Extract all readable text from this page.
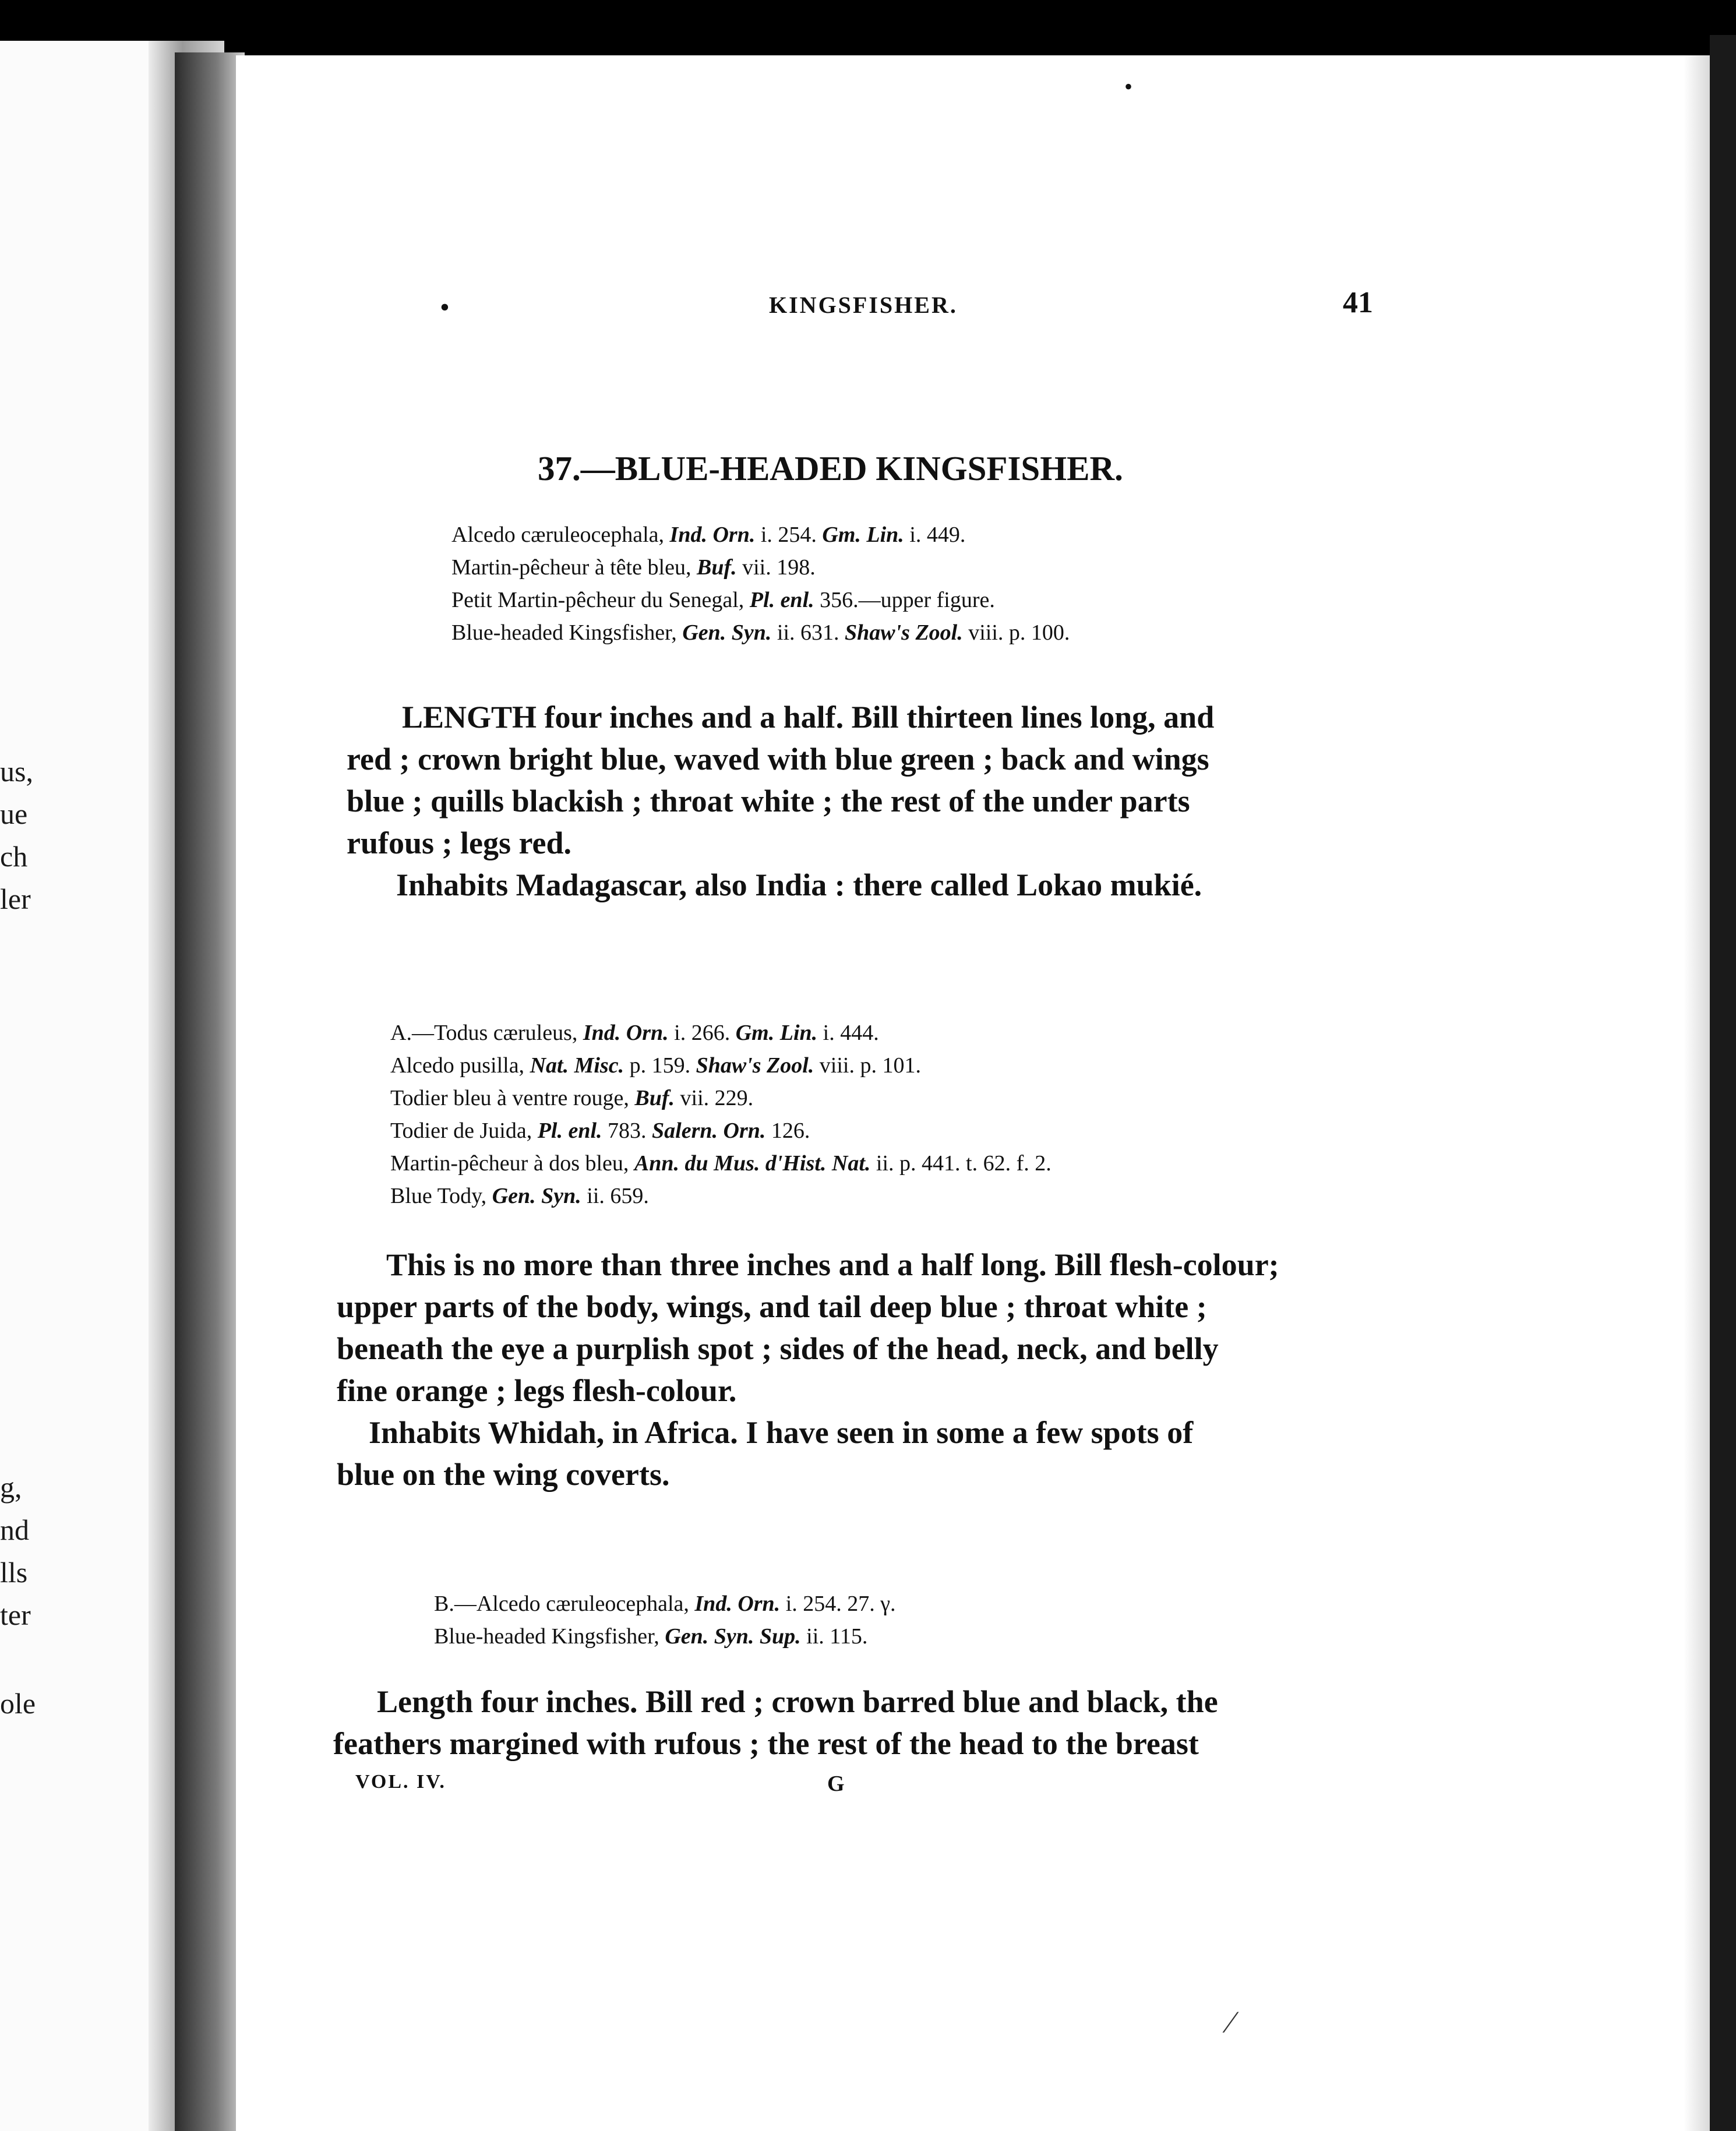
us,
ue
ch
ler
g,
nd
lls
ter
ole
•
•	KINGSFISHER.	41
37.—BLUE-HEADED KINGSFISHER.
Alcedo cæruleocephala, Ind. Orn. i. 254. Gm. Lin. i. 449.
Martin-pêcheur à tête bleu, Buf. vii. 198.
Petit Martin-pêcheur du Senegal, Pl. enl. 356.—upper figure.
Blue-headed Kingsfisher, Gen. Syn. ii. 631. Shaw's Zool. viii. p. 100.
LENGTH four inches and a half. Bill thirteen lines long, and
red ; crown bright blue, waved with blue green ; back and wings
blue ; quills blackish ; throat white ; the rest of the under parts
rufous ; legs red.
Inhabits Madagascar, also India : there called Lokao mukié.
A.—Todus cæruleus, Ind. Orn. i. 266. Gm. Lin. i. 444.
Alcedo pusilla, Nat. Misc. p. 159. Shaw's Zool. viii. p. 101.
Todier bleu à ventre rouge, Buf. vii. 229.
Todier de Juida, Pl. enl. 783. Salern. Orn. 126.
Martin-pêcheur à dos bleu, Ann. du Mus. d'Hist. Nat. ii. p. 441. t. 62. f. 2.
Blue Tody, Gen. Syn. ii. 659.
This is no more than three inches and a half long. Bill flesh-colour;
upper parts of the body, wings, and tail deep blue ; throat white ;
beneath the eye a purplish spot ; sides of the head, neck, and belly
fine orange ; legs flesh-colour.
Inhabits Whidah, in Africa. I have seen in some a few spots of
blue on the wing coverts.
B.—Alcedo cæruleocephala, Ind. Orn. i. 254. 27. γ.
Blue-headed Kingsfisher, Gen. Syn. Sup. ii. 115.
Length four inches. Bill red ; crown barred blue and black, the
feathers margined with rufous ; the rest of the head to the breast
VOL. IV.	G
∕
